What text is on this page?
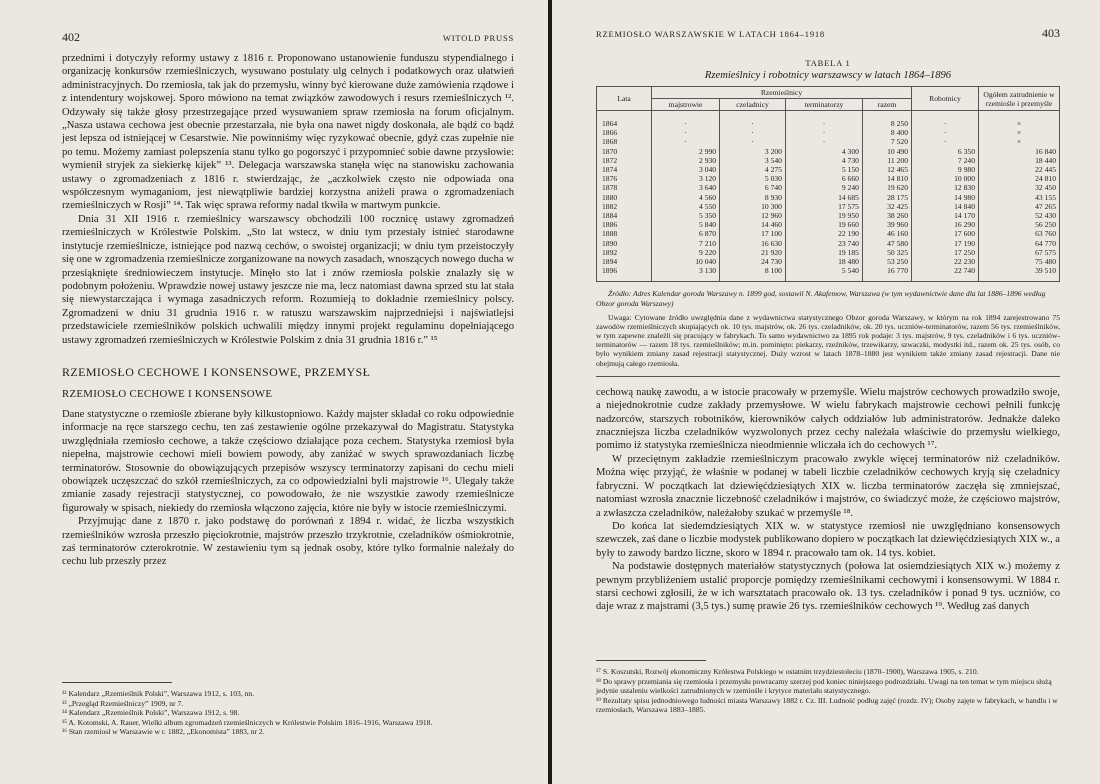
402	WITOLD PRUSS

przednimi i dotyczyły reformy ustawy z 1816 r. Proponowano ustanowienie funduszu stypendialnego i organizację konkursów rzemieślniczych, wysuwano postulaty ulg celnych i podatkowych oraz ułatwień administracyjnych. Do rzemiosła, tak jak do przemysłu, winny być kierowane duże zamówienia rządowe i z intendentury wojskowej. Sporo mówiono na temat związków zawodowych i resurs rzemieślniczych ¹². Odzywały się także głosy przestrzegające przed wysuwaniem spraw rzemiosła na forum oficjalnym. „Nasza ustawa cechowa jest obecnie przestarzała, nie była ona nawet nigdy doskonała, ale bądź co bądź jest lepsza od istniejącej w Cesarstwie. Nie powinniśmy więc ryzykować obecnie, gdyż czas zupełnie nie po temu. Możemy zamiast polepszenia stanu tylko go pogorszyć i przypomnieć sobie dawne przysłowie: wymienił stryjek za siekierkę kijek” ¹³. Delegacja warszawska stanęła więc na stanowisku zachowania ustawy o zgromadzeniach z 1816 r. stwierdzając, że „aczkolwiek często nie odpowiada ona współczesnym wymaganiom, jest niewątpliwie bardziej korzystna aniżeli prawa o zgromadzeniach rzemieślniczych w Rosji” ¹⁴. Tak więc sprawa reformy nadal tkwiła w martwym punkcie.

Dnia 31 XII 1916 r. rzemieślnicy warszawscy obchodzili 100 rocznicę ustawy zgromadzeń rzemieślniczych w Królestwie Polskim. „Sto lat wstecz, w dniu tym przestały istnieć starodawne instytucje rzemieślnicze, istniejące pod nazwą cechów, o swoistej organizacji; w dniu tym przeistoczyły się one w zgromadzenia rzemieślnicze zorganizowane na nowych zasadach, wnoszących nowego ducha w przesiąknięte średniowieczem instytucje. Minęło sto lat i znów rzemiosła polskie znalazły się w podobnym położeniu. Wprawdzie nowej ustawy jeszcze nie ma, lecz natomiast dawna sprzed stu lat stała się niewystarczająca i wymaga zasadniczych reform. Rozumieją to dokładnie rzemieślnicy polscy. Zgromadzeni w dniu 31 grudnia 1916 r. w ratuszu warszawskim najprzedniejsi i najświatlejsi przedstawiciele rzemieślników polskich uchwalili między innymi projekt regulaminu dopełniającego ustawy zgromadzeń rzemieślniczych w Królestwie Polskim z dnia 31 grudnia 1816 r.” ¹⁵

RZEMIOSŁO CECHOWE I KONSENSOWE, PRZEMYSŁ
RZEMIOSŁO CECHOWE I KONSENSOWE

Dane statystyczne o rzemiośle zbierane były kilkustopniowo. Każdy majster składał co roku odpowiednie informacje na ręce starszego cechu, ten zaś zestawienie ogólne przekazywał do Magistratu. Statystyka uwzględniała rzemiosło cechowe, a także częściowo działające poza cechem. Statystyka rzemiosł była niepełna, majstrowie cechowi mieli bowiem powody, aby zaniżać w swych sprawozdaniach liczbę terminatorów. Stosownie do obowiązujących przepisów wszyscy terminatorzy zapisani do cechu mieli obowiązek uczęszczać do szkół rzemieślniczych, za co odpowiedzialni byli majstrowie ¹⁶. Ulegały także zmianie zasady rejestracji statystycznej, co powodowało, że nie wszystkie zawody rzemieślnicze figurowały w spisach, niekiedy do rzemiosła włączono zajęcia, które nie były w istocie rzemieślniczymi.

Przyjmując dane z 1870 r. jako podstawę do porównań z 1894 r. widać, że liczba wszystkich rzemieślników wzrosła przeszło pięciokrotnie, majstrów przeszło trzykrotnie, czeladników ośmiokrotnie, zaś terminatorów czterokrotnie. W zestawieniu tym są jednak osoby, które tylko formalnie należały do cechu lub przeszły przez

¹² Kalendarz „Rzemieślnik Polski”, Warszawa 1912, s. 103, nn.

¹³ „Przegląd Rzemieślniczy” 1909, nr 7.

¹⁴ Kalendarz „Rzemieślnik Polski”, Warszawa 1912, s. 98.

¹⁵ A. Kotomski, A. Rauer, Wielki album zgromadzeń rzemieślniczych w Królestwie Polskim 1816–1916, Warszawa 1918.

¹⁶ Stan rzemiosł w Warszawie w r. 1882, „Ekonomista” 1883, nr 2.

RZEMIOSŁO WARSZAWSKIE W LATACH 1864–1918	403
TABELA 1
Rzemieślnicy i robotnicy warszawscy w latach 1864–1896
Lata	Rzemieślnicy				Robotnicy	Ogółem zatrudnienie w rzemiośle i przemyśle
	majstrowie	czeladnicy	terminatorzy	razem		
1864	·	·	·	8 250	·	×
1866	·	·	·	8 400	·	×
1868	·	·	·	7 520	·	×
1870	2 990	3 200	4 300	10 490	6 350	16 840
1872	2 930	3 540	4 730	11 200	7 240	18 440
1874	3 040	4 275	5 150	12 465	9 980	22 445
1876	3 120	5 030	6 660	14 810	10 000	24 810
1878	3 640	6 740	9 240	19 620	12 830	32 450
1880	4 560	8 930	14 685	28 175	14 980	43 155
1882	4 550	10 300	17 575	32 425	14 840	47 265
1884	5 350	12 960	19 950	38 260	14 170	52 430
1886	5 840	14 460	19 660	39 960	16 290	56 250
1888	6 870	17 100	22 190	46 160	17 600	63 760
1890	7 210	16 630	23 740	47 580	17 190	64 770
1892	9 220	21 920	19 185	50 325	17 250	67 575
1894	10 040	24 730	18 480	53 250	22 230	75 480
1896	3 130	8 100	5 540	16 770	22 740	39 510

Źródło: Adres Kalendar goroda Warszawy n. 1899 god, sostawil N. Akafemow, Warszawa (w tym wydawnictwie dane dla lat 1886–1896 według Obzor goroda Warszawy)

Uwaga: Cytowane źródło uwzględnia dane z wydawnictwa statystycznego Obzor goroda Warszawy, w którym na rok 1894 zarejestrowano 75 zawodów rzemieślniczych skupiających ok. 10 tys. majstrów, ok. 26 tys. czeladników, ok. 20 tys. uczniów-terminatorów, razem 56 tys. rzemieślników, w tym zapewne znaleźli się pracujący w fabrykach. To samo wydawnictwo za 1895 rok podaje: 3 tys. majstrów, 9 tys. czeladników i 6 tys. uczniów-terminatorów — razem 18 tys. rzemieślników; m.in. pominięto: piekarzy, rzeźników, trzewikarzy, szwaczki, modystki itd., razem ok. 25 tys. osób, co było wynikiem zmiany zasad rejestracji statystycznej. Duży wzrost w latach 1878–1880 jest wynikiem także zmiany zasad rejestracji. Dane nie obejmują całego rzemiosła.

cechową naukę zawodu, a w istocie pracowały w przemyśle. Wielu majstrów cechowych prowadziło swoje, a niejednokrotnie cudze zakłady przemysłowe. W wielu fabrykach majstrowie cechowi pełnili funkcję nadzorców, starszych robotników, kierowników całych oddziałów lub administratorów. Jednakże daleko znaczniejsza liczba czeladników wyzwolonych przez cechy należała właściwie do przemysłu wielkiego, pomimo iż statystyka rzemieślnicza nieodmiennie wliczała ich do cechowych ¹⁷.

W przeciętnym zakładzie rzemieślniczym pracowało zwykle więcej terminatorów niż czeladników. Można więc przyjąć, że właśnie w podanej w tabeli liczbie czeladników cechowych kryją się czeladnicy fabryczni. W początkach lat dziewięćdziesiątych XIX w. liczba terminatorów zaczęła się zmniejszać, natomiast wzrosła znacznie liczebność czeladników i majstrów, co świadczyć może, że częściowo majstrów, a zwłaszcza czeladników, należałoby szukać w przemyśle ¹⁸.

Do końca lat siedemdziesiątych XIX w. w statystyce rzemiosł nie uwzględniano konsensowych szewczek, zaś dane o liczbie modystek publikowano dopiero w początkach lat dziewięćdziesiątych XIX w., a były to zawody bardzo liczne, skoro w 1894 r. pracowało tam ok. 14 tys. kobiet.

Na podstawie dostępnych materiałów statystycznych (połowa lat osiemdziesiątych XIX w.) możemy z pewnym przybliżeniem ustalić proporcje pomiędzy rzemieślnikami cechowymi i konsensowymi. W 1884 r. starsi cechowi zgłosili, że w ich warsztatach pracowało ok. 13 tys. czeladników i ponad 9 tys. uczniów, co daje wraz z majstrami (3,5 tys.) sumę prawie 26 tys. rzemieślników cechowych ¹⁹. Według zaś danych

¹⁷ S. Koszutski, Rozwój ekonomiczny Królestwa Polskiego w ostatnim trzydziestoleciu (1870–1900), Warszawa 1905, s. 210.

¹⁸ Do sprawy przemiania się rzemiosła i przemysłu powracamy szerzej pod koniec niniejszego podrozdziału. Uwagi na ten temat w tym miejscu służą jedynie ustaleniu wielkości zatrudnionych w rzemiośle i krytyce materiału statystycznego.

¹⁹ Rezultaty spisu jednodniowego ludności miasta Warszawy 1882 r. Cz. III. Ludność podług zajęć (rozdz. IV); Osoby zajęte w fabrykach, w handlu i w rzemiosłach, Warszawa 1883–1885.
